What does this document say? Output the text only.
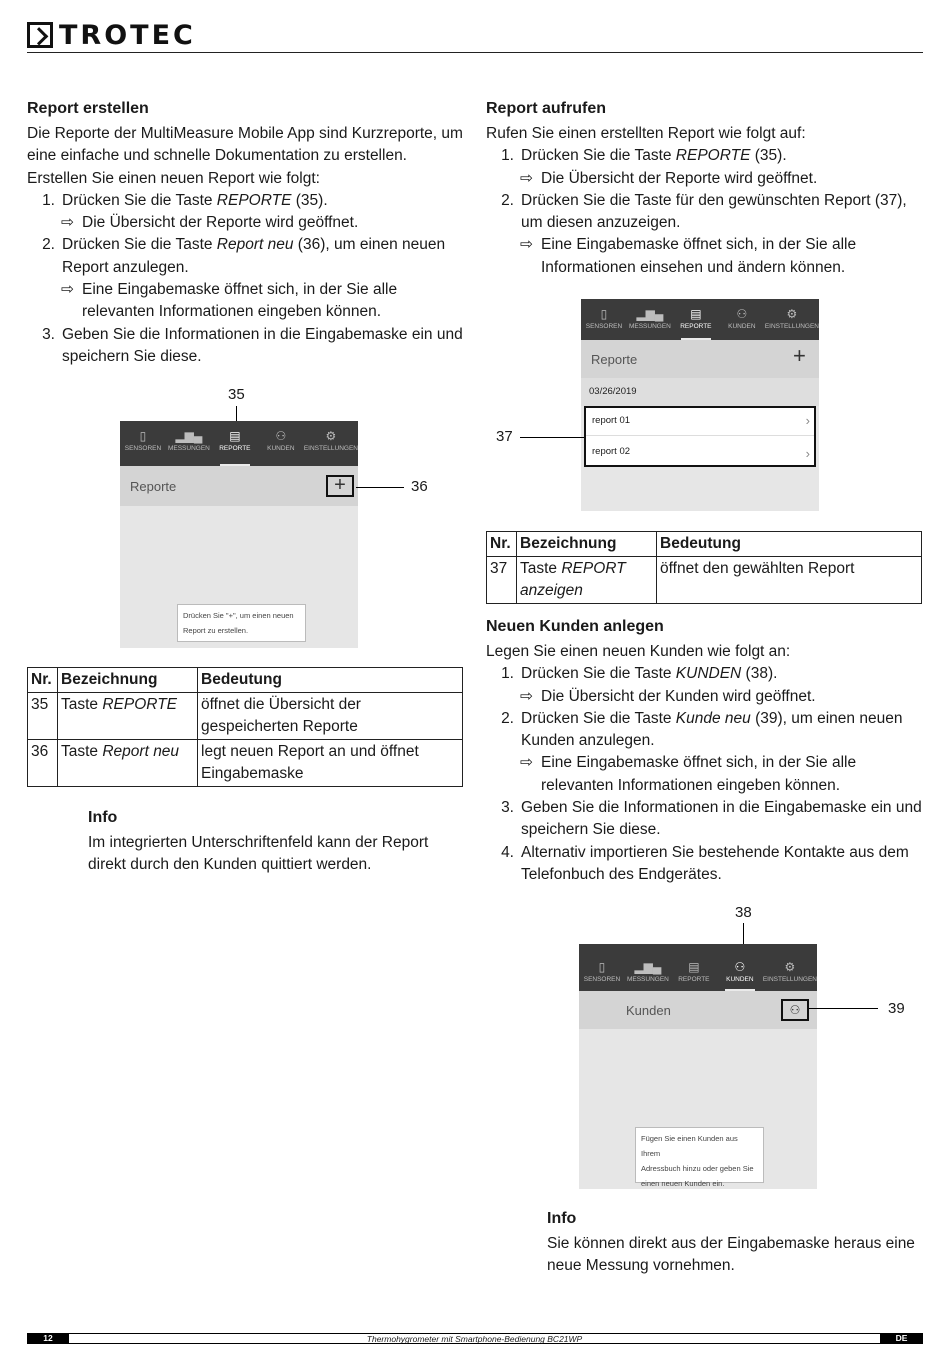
TROTEC
Report erstellen
Die Reporte der MultiMeasure Mobile App sind Kurzreporte, um
eine einfache und schnelle Dokumentation zu erstellen.
Erstellen Sie einen neuen Report wie folgt:
1. Drücken Sie die Taste REPORTE (35).
⇨ Die Übersicht der Reporte wird geöffnet.
2. Drücken Sie die Taste Report neu (36), um einen neuen
Report anzulegen.
⇨ Eine Eingabemaske öffnet sich, in der Sie alle
relevanten Informationen eingeben können.
3. Geben Sie die Informationen in die Eingabemaske ein und
speichern Sie diese.
35
▯
SENSOREN
▂▆▄
MESSUNGEN
▤
REPORTE
⚇
KUNDEN
⚙
EINSTELLUNGEN
Reporte	+
Drücken Sie "+", um einen neuen
Report zu erstellen.
36
Nr.	Bezeichnung	Bedeutung
35	Taste REPORTE	öffnet die Übersicht der gespeicherten Reporte
36	Taste Report neu	legt neuen Report an und öffnet Eingabemaske
Info
Im integrierten Unterschriftenfeld kann der Report
direkt durch den Kunden quittiert werden.
Report aufrufen
Rufen Sie einen erstellten Report wie folgt auf:
1. Drücken Sie die Taste REPORTE (35).
⇨ Die Übersicht der Reporte wird geöffnet.
2. Drücken Sie die Taste für den gewünschten Report (37),
um diesen anzuzeigen.
⇨ Eine Eingabemaske öffnet sich, in der Sie alle
Informationen einsehen und ändern können.
▯
SENSOREN
▂▆▄
MESSUNGEN
▤
REPORTE
⚇
KUNDEN
⚙
EINSTELLUNGEN
Reporte	+
03/26/2019
report 01	›
report 02	›
37
Nr.	Bezeichnung	Bedeutung
37	Taste REPORT anzeigen	öffnet den gewählten Report
Neuen Kunden anlegen
Legen Sie einen neuen Kunden wie folgt an:
1. Drücken Sie die Taste KUNDEN (38).
⇨ Die Übersicht der Kunden wird geöffnet.
2. Drücken Sie die Taste Kunde neu (39), um einen neuen
Kunden anzulegen.
⇨ Eine Eingabemaske öffnet sich, in der Sie alle
relevanten Informationen eingeben können.
3. Geben Sie die Informationen in die Eingabemaske ein und
speichern Sie diese.
4. Alternativ importieren Sie bestehende Kontakte aus dem
Telefonbuch des Endgerätes.
38
▯
SENSOREN
▂▆▄
MESSUNGEN
▤
REPORTE
⚇
KUNDEN
⚙
EINSTELLUNGEN
Kunden	⚇
Fügen Sie einen Kunden aus Ihrem
Adressbuch hinzu oder geben Sie
einen neuen Kunden ein.
39
Info
Sie können direkt aus der Eingabemaske heraus eine
neue Messung vornehmen.
12	Thermohygrometer mit Smartphone-Bedienung BC21WP	DE
